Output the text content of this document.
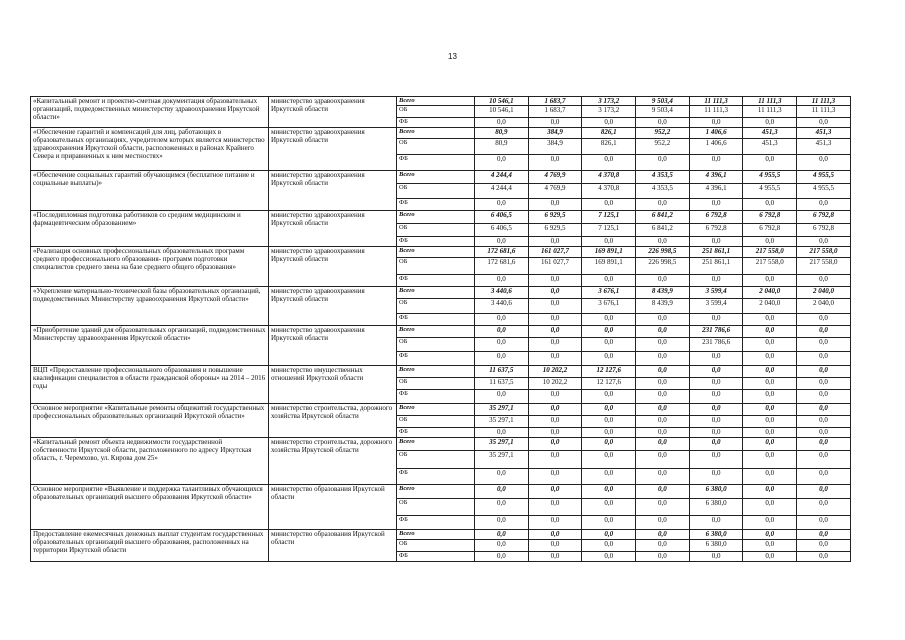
13
«Капитальный ремонт и проектно-сметная документация образовательных организаций, подведомственных министерству здравоохранения Иркутской области»	министерство здравоохранения Иркутской области	Всего	10 546,1	1 683,7	3 173,2	9 503,4	11 111,3	11 111,3	11 111,3
		ОБ	10 546,1	1 683,7	3 173,2	9 503,4	11 111,3	11 111,3	11 111,3
		ФБ	0,0	0,0	0,0	0,0	0,0	0,0	0,0
«Обеспечение гарантий и компенсаций для лиц, работающих в образовательных организациях, учредителем которых является министерство здравоохранения Иркутской области, расположенных в районах Крайнего Севера и приравненных к ним местностях»	министерство здравоохранения Иркутской области	Всего	80,9	384,9	826,1	952,2	1 406,6	451,3	451,3
		ОБ	80,9	384,9	826,1	952,2	1 406,6	451,3	451,3
		ФБ	0,0	0,0	0,0	0,0	0,0	0,0	0,0
«Обеспечение социальных гарантий обучающимся (бесплатное питание и социальные выплаты)»	министерство здравоохранения Иркутской области	Всего	4 244,4	4 769,9	4 370,8	4 353,5	4 396,1	4 955,5	4 955,5
		ОБ	4 244,4	4 769,9	4 370,8	4 353,5	4 396,1	4 955,5	4 955,5
		ФБ	0,0	0,0	0,0	0,0	0,0	0,0	0,0
«Последипломная подготовка работников со средним медицинским и фармацевтическим образованием»	министерство здравоохранения Иркутской области	Всего	6 406,5	6 929,5	7 125,1	6 841,2	6 792,8	6 792,8	6 792,8
		ОБ	6 406,5	6 929,5	7 125,1	6 841,2	6 792,8	6 792,8	6 792,8
		ФБ	0,0	0,0	0,0	0,0	0,0	0,0	0,0
«Реализация основных профессиональных образовательных программ среднего профессионального образования- программ подготовки специалистов среднего звена на базе среднего общего образования»	министерство здравоохранения Иркутской области	Всего	172 681,6	161 027,7	169 891,1	226 998,5	251 861,1	217 558,0	217 558,0
		ОБ	172 681,6	161 027,7	169 891,1	226 998,5	251 861,1	217 558,0	217 558,0
		ФБ	0,0	0,0	0,0	0,0	0,0	0,0	0,0
«Укрепление материально-технической базы образовательных организаций, подведомственных Министерству здравоохранения Иркутской области»	министерство здравоохранения Иркутской области	Всего	3 440,6	0,0	3 676,1	8 439,9	3 599,4	2 040,0	2 040,0
		ОБ	3 440,6	0,0	3 676,1	8 439,9	3 599,4	2 040,0	2 040,0
		ФБ	0,0	0,0	0,0	0,0	0,0	0,0	0,0
«Приобретение зданий для образовательных организаций, подведомственных Министерству здравоохранения Иркутской области»	министерство здравоохранения Иркутской области	Всего	0,0	0,0	0,0	0,0	231 786,6	0,0	0,0
		ОБ	0,0	0,0	0,0	0,0	231 786,6	0,0	0,0
		ФБ	0,0	0,0	0,0	0,0	0,0	0,0	0,0
ВЦП «Предоставление профессионального образования и повышение квалификации специалистов в области гражданской обороны» на 2014 – 2016 годы	министерство имущественных отношений Иркутской области	Всего	11 637,5	10 202,2	12 127,6	0,0	0,0	0,0	0,0
		ОБ	11 637,5	10 202,2	12 127,6	0,0	0,0	0,0	0,0
		ФБ	0,0	0,0	0,0	0,0	0,0	0,0	0,0
Основное мероприятие «Капитальные ремонты общежитий государственных профессиональных образовательных организаций Иркутской области»	министерство строительства, дорожного хозяйства Иркутской области	Всего	35 297,1	0,0	0,0	0,0	0,0	0,0	0,0
		ОБ	35 297,1	0,0	0,0	0,0	0,0	0,0	0,0
		ФБ	0,0	0,0	0,0	0,0	0,0	0,0	0,0
«Капитальный ремонт объекта недвижимости государственной собственности Иркутской области, расположенного по адресу Иркутская область, г. Черемхово, ул. Кирова дом 25»	министерство строительства, дорожного хозяйства Иркутской области	Всего	35 297,1	0,0	0,0	0,0	0,0	0,0	0,0
		ОБ	35 297,1	0,0	0,0	0,0	0,0	0,0	0,0
		ФБ	0,0	0,0	0,0	0,0	0,0	0,0	0,0
Основное мероприятие «Выявление и поддержка талантливых обучающихся образовательных организаций высшего образования Иркутской области»	министерство образования Иркутской области	Всего	0,0	0,0	0,0	0,0	6 380,0	0,0	0,0
		ОБ	0,0	0,0	0,0	0,0	6 380,0	0,0	0,0
		ФБ	0,0	0,0	0,0	0,0	0,0	0,0	0,0
Предоставление ежемесячных денежных выплат студентам государственных образовательных организаций высшего образования, расположенных на территории Иркутской области	министерство образования Иркутской области	Всего	0,0	0,0	0,0	0,0	6 380,0	0,0	0,0
		ОБ	0,0	0,0	0,0	0,0	6 380,0	0,0	0,0
		ФБ	0,0	0,0	0,0	0,0	0,0	0,0	0,0
